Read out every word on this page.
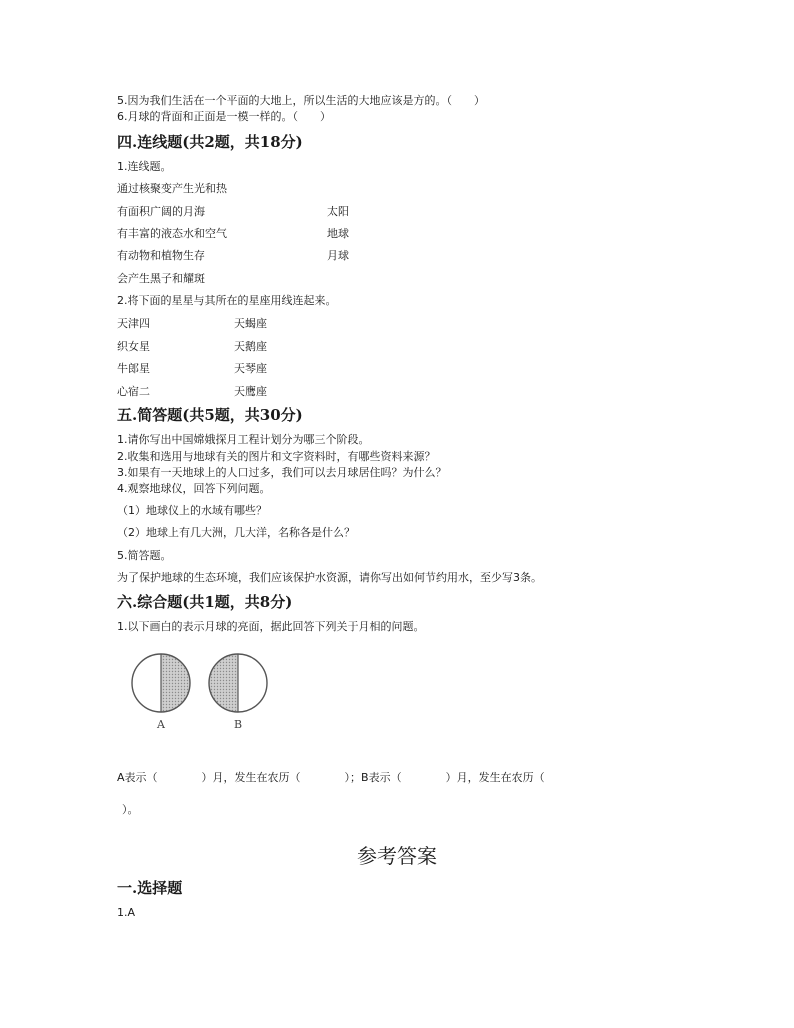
5.因为我们生活在一个平面的大地上，所以生活的大地应该是方的。（　　）
6.月球的背面和正面是一模一样的。（　　）
四.连线题(共2题，共18分)
1.连线题。
通过核聚变产生光和热
有面积广阔的月海	太阳
有丰富的液态水和空气	地球
有动物和植物生存	月球
会产生黑子和耀斑
2.将下面的星星与其所在的星座用线连起来。
天津四	天蝎座
织女星	天鹅座
牛郎星	天琴座
心宿二	天鹰座
五.简答题(共5题，共30分)
1.请你写出中国嫦娥探月工程计划分为哪三个阶段。
2.收集和选用与地球有关的图片和文字资料时，有哪些资料来源？
3.如果有一天地球上的人口过多，我们可以去月球居住吗？为什么？
4.观察地球仪，回答下列问题。
（1）地球仪上的水域有哪些？
（2）地球上有几大洲，几大洋，名称各是什么？
5.简答题。
为了保护地球的生态环境，我们应该保护水资源，请你写出如何节约用水，至少写3条。
六.综合题(共1题，共8分)
1.以下画白的表示月球的亮面，据此回答下列关于月相的问题。
A	B
A表示（　　　　）月，发生在农历（　　　　）；B表示（　　　　）月，发生在农历（
）。
参考答案
一.选择题
1.A
